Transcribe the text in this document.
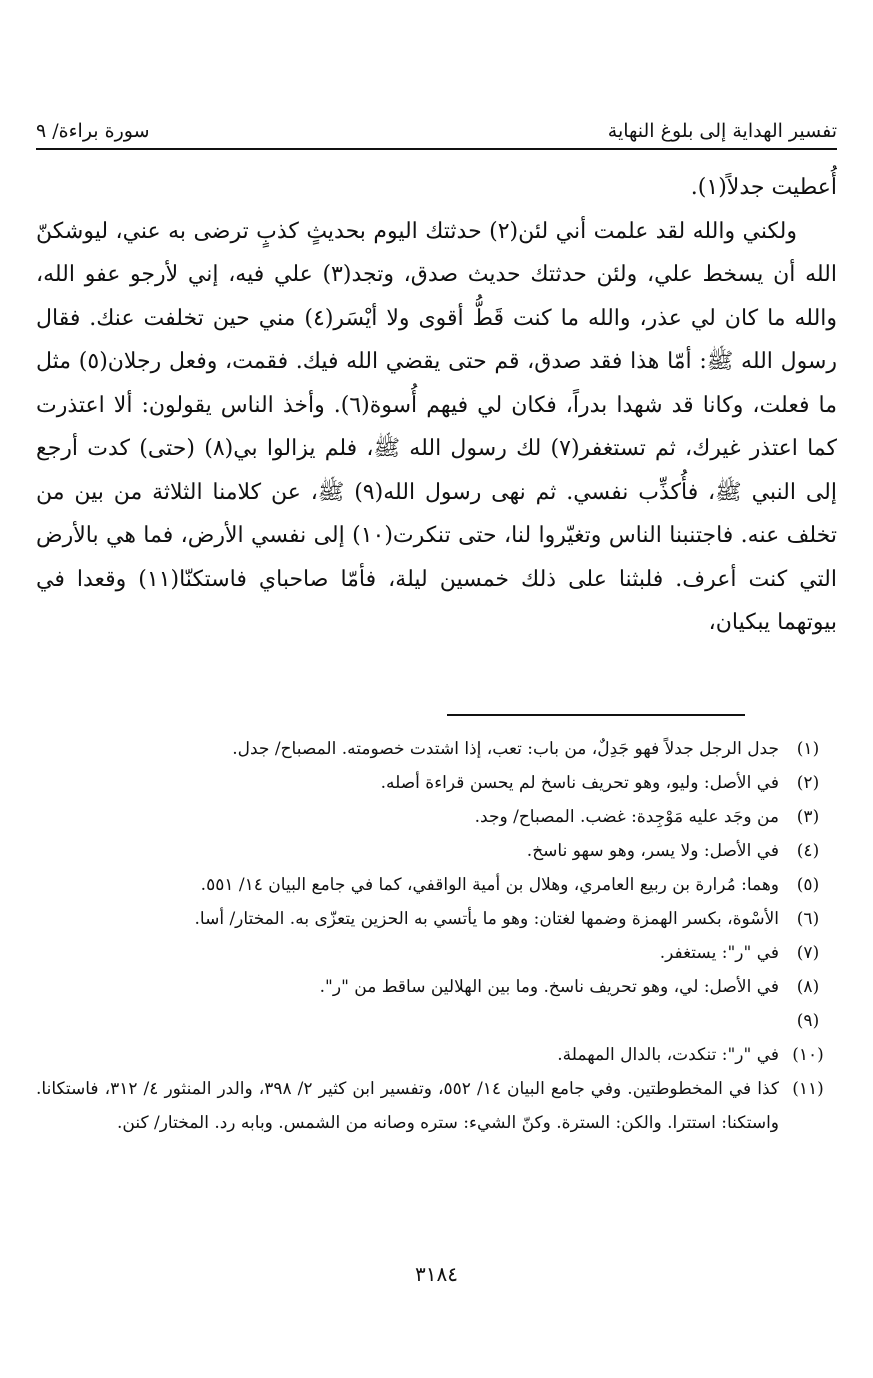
تفسير الهداية إلى بلوغ النهاية
سورة براءة/ ٩

أُعطيت جدلاً(١).

ولكني والله لقد علمت أني لئن(٢) حدثتك اليوم بحديثٍ كذبٍ ترضى به عني، ليوشكنّ الله أن يسخط علي، ولئن حدثتك حديث صدق، وتجد(٣) علي فيه، إني لأرجو عفو الله، والله ما كان لي عذر، والله ما كنت قَطُّ أقوى ولا أيْسَر(٤) مني حين تخلفت عنك. فقال رسول الله ﷺ: أمّا هذا فقد صدق، قم حتى يقضي الله فيك. فقمت، وفعل رجلان(٥) مثل ما فعلت، وكانا قد شهدا بدراً، فكان لي فيهم أُسوة(٦). وأخذ الناس يقولون: ألا اعتذرت كما اعتذر غيرك، ثم تستغفر(٧) لك رسول الله ﷺ، فلم يزالوا بي(٨) (حتى) كدت أرجع إلى النبي ﷺ، فأُكذِّب نفسي. ثم نهى رسول الله(٩) ﷺ، عن كلامنا الثلاثة من بين من تخلف عنه. فاجتنبنا الناس وتغيّروا لنا، حتى تنكرت(١٠) إلى نفسي الأرض، فما هي بالأرض التي كنت أعرف. فلبثنا على ذلك خمسين ليلة، فأمّا صاحباي فاستكنّا(١١) وقعدا في بيوتهما يبكيان،

(١)
جدل الرجل جدلاً فهو جَدِلٌ، من باب: تعب، إذا اشتدت خصومته. المصباح/ جدل.
(٢)
في الأصل: وليو، وهو تحريف ناسخ لم يحسن قراءة أصله.
(٣)
من وجَد عليه مَوْجِدة: غضب. المصباح/ وجد.
(٤)
في الأصل: ولا يسر، وهو سهو ناسخ.
(٥)
وهما: مُرارة بن ربيع العامري، وهلال بن أمية الواقفي، كما في جامع البيان ١٤/ ٥٥١.
(٦)
الأسْوة، بكسر الهمزة وضمها لغتان: وهو ما يأتسي به الحزين يتعزّى به. المختار/ أسا.
(٧)
في "ر": يستغفر.
(٨)
في الأصل: لي، وهو تحريف ناسخ. وما بين الهلالين ساقط من "ر".
(٩)
(١٠)
في "ر": تنكدت، بالدال المهملة.
(١١)
كذا في المخطوطتين. وفي جامع البيان ١٤/ ٥٥٢، وتفسير ابن كثير ٢/ ٣٩٨، والدر المنثور ٤/ ٣١٢، فاستكانا. واستكنا: استترا. والكن: السترة. وكنّ الشيء: ستره وصانه من الشمس. وبابه رد. المختار/ كنن.
٣١٨٤
